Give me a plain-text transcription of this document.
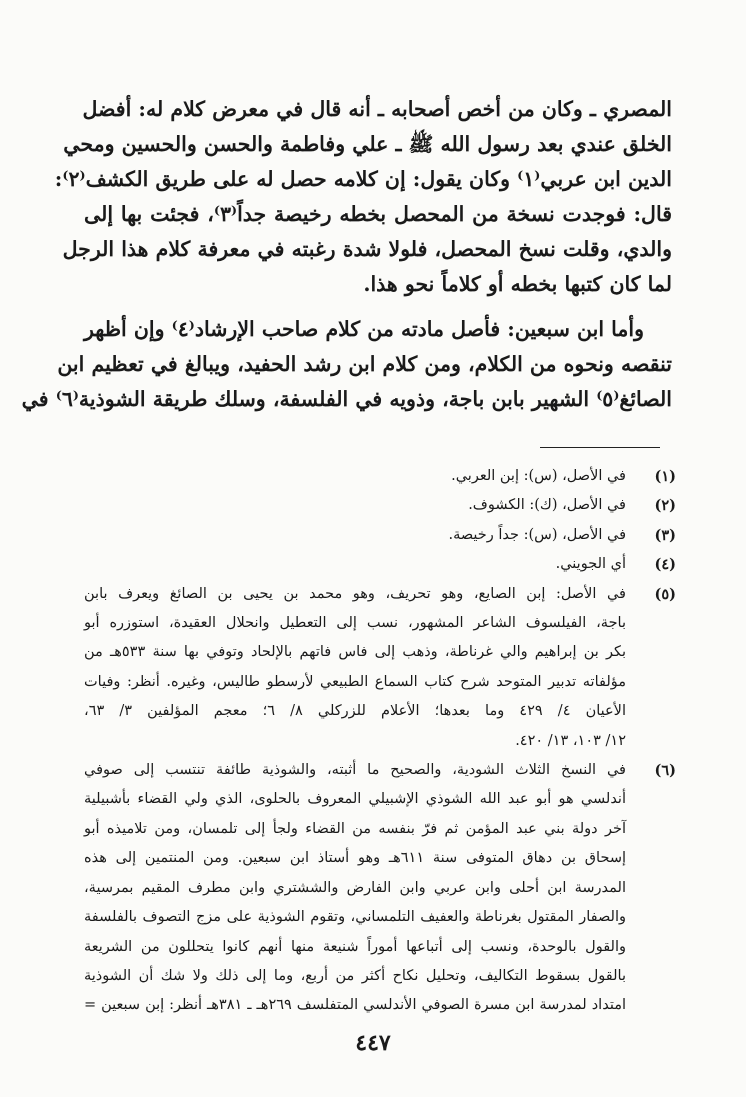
المصري ـ وكان من أخص أصحابه ـ أنه قال في معرض كلام له: أفضل
الخلق عندي بعد رسول الله ﷺ ـ علي وفاطمة والحسن والحسين ومحي
الدين ابن عربي⁽١⁾ وكان يقول: إن كلامه حصل له على طريق الكشف⁽٢⁾:
قال: فوجدت نسخة من المحصل بخطه رخيصة جداً⁽٣⁾، فجئت بها إلى
والدي، وقلت نسخ المحصل، فلولا شدة رغبته في معرفة كلام هذا الرجل
لما كان كتبها بخطه أو كلاماً نحو هذا.

وأما ابن سبعين: فأصل مادته من كلام صاحب الإرشاد⁽٤⁾ وإن أظهر
تنقصه ونحوه من الكلام، ومن كلام ابن رشد الحفيد، ويبالغ في تعظيم ابن
الصائغ⁽٥⁾ الشهير بابن باجة، وذويه في الفلسفة، وسلك طريقة الشوذية⁽٦⁾ في

(١)
في الأصل، (س): إبن العربي.
(٢)
في الأصل، (ك): الكشوف.
(٣)
في الأصل، (س): جداً رخيصة.
(٤)
أي الجويني.
(٥)
في الأصل: إبن الصايع، وهو تحريف، وهو محمد بن يحيى بن الصائغ ويعرف بابن
باجة، الفيلسوف الشاعر المشهور، نسب إلى التعطيل وانحلال العقيدة، استوزره أبو
بكر بن إبراهيم والي غرناطة، وذهب إلى فاس فاتهم بالإلحاد وتوفي بها سنة ٥٣٣هـ من
مؤلفاته تدبير المتوحد شرح كتاب السماع الطبيعي لأرسطو طاليس، وغيره. أنظر: وفيات
الأعيان ٤/ ٤٢٩ وما بعدها؛ الأعلام للزركلي ٨/ ٦؛ معجم المؤلفين ٣/ ٦٣،
١٢/ ١٠٣، ١٣/ ٤٢٠.
(٦)
في النسخ الثلاث الشودية، والصحيح ما أثبته، والشوذية طائفة تنتسب إلى صوفي
أندلسي هو أبو عبد الله الشوذي الإشبيلي المعروف بالحلوى، الذي ولي القضاء بأشبيلية
آخر دولة بني عبد المؤمن ثم فرّ بنفسه من القضاء ولجأ إلى تلمسان، ومن تلاميذه أبو
إسحاق بن دهاق المتوفى سنة ٦١١هـ وهو أستاذ ابن سبعين. ومن المنتمين إلى هذه
المدرسة ابن أحلى وابن عربي وابن الفارض والششتري وابن مطرف المقيم بمرسية،
والصفار المقتول بغرناطة والعفيف التلمساني، وتقوم الشوذية على مزج التصوف بالفلسفة
والقول بالوحدة، ونسب إلى أتباعها أموراً شنيعة منها أنهم كانوا يتحللون من الشريعة
بالقول بسقوط التكاليف، وتحليل نكاح أكثر من أربع، وما إلى ذلك ولا شك أن الشوذية
امتداد لمدرسة ابن مسرة الصوفي الأندلسي المتفلسف ٢٦٩هـ ـ ٣٨١هـ أنظر: إبن سبعين =
٤٤٧
